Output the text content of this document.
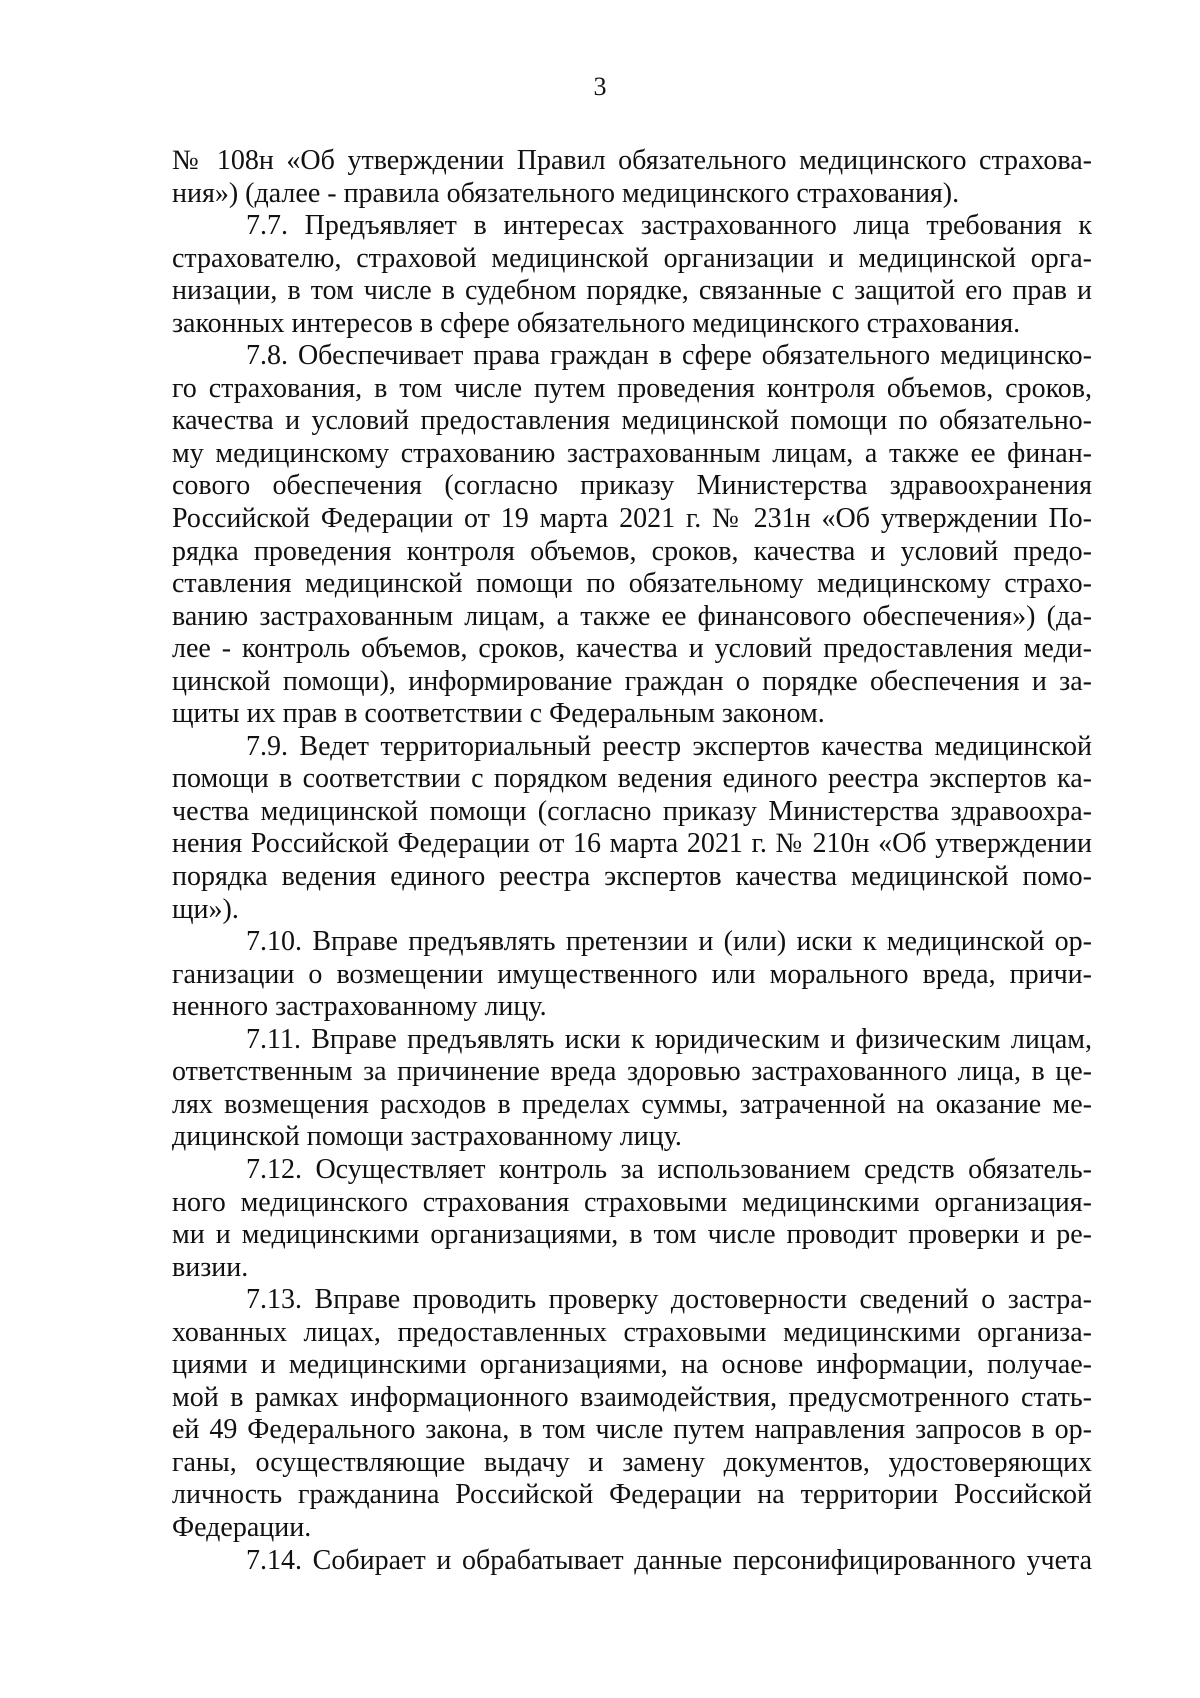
3
№ 108н «Об утверждении Правил обязательного медицинского страхова-
ния») (далее - правила обязательного медицинского страхования).
7.7. Предъявляет в интересах застрахованного лица требования к
страхователю, страховой медицинской организации и медицинской орга-
низации, в том числе в судебном порядке, связанные с защитой его прав и
законных интересов в сфере обязательного медицинского страхования.
7.8. Обеспечивает права граждан в сфере обязательного медицинско-
го страхования, в том числе путем проведения контроля объемов, сроков,
качества и условий предоставления медицинской помощи по обязательно-
му медицинскому страхованию застрахованным лицам, а также ее финан-
сового обеспечения (согласно приказу Министерства здравоохранения
Российской Федерации от 19 марта 2021 г. № 231н «Об утверждении По-
рядка проведения контроля объемов, сроков, качества и условий предо-
ставления медицинской помощи по обязательному медицинскому страхо-
ванию застрахованным лицам, а также ее финансового обеспечения») (да-
лее - контроль объемов, сроков, качества и условий предоставления меди-
цинской помощи), информирование граждан о порядке обеспечения и за-
щиты их прав в соответствии с Федеральным законом.
7.9. Ведет территориальный реестр экспертов качества медицинской
помощи в соответствии с порядком ведения единого реестра экспертов ка-
чества медицинской помощи (согласно приказу Министерства здравоохра-
нения Российской Федерации от 16 марта 2021 г. № 210н «Об утверждении
порядка ведения единого реестра экспертов качества медицинской помо-
щи»).
7.10. Вправе предъявлять претензии и (или) иски к медицинской ор-
ганизации о возмещении имущественного или морального вреда, причи-
ненного застрахованному лицу.
7.11. Вправе предъявлять иски к юридическим и физическим лицам,
ответственным за причинение вреда здоровью застрахованного лица, в це-
лях возмещения расходов в пределах суммы, затраченной на оказание ме-
дицинской помощи застрахованному лицу.
7.12. Осуществляет контроль за использованием средств обязатель-
ного медицинского страхования страховыми медицинскими организация-
ми и медицинскими организациями, в том числе проводит проверки и ре-
визии.
7.13. Вправе проводить проверку достоверности сведений о застра-
хованных лицах, предоставленных страховыми медицинскими организа-
циями и медицинскими организациями, на основе информации, получае-
мой в рамках информационного взаимодействия, предусмотренного стать-
ей 49 Федерального закона, в том числе путем направления запросов в ор-
ганы, осуществляющие выдачу и замену документов, удостоверяющих
личность гражданина Российской Федерации на территории Российской
Федерации.
7.14. Собирает и обрабатывает данные персонифицированного учета
